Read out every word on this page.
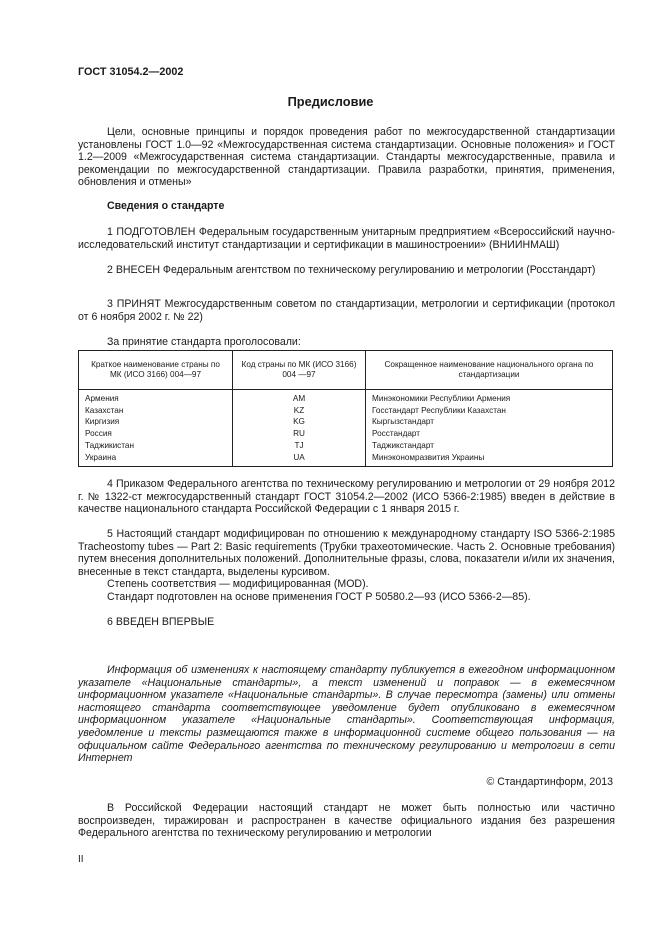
ГОСТ 31054.2—2002
Предисловие

Цели, основные принципы и порядок проведения работ по межгосударственной стандартизации установлены ГОСТ 1.0—92 «Межгосударственная система стандартизации. Основные положения» и ГОСТ 1.2—2009 «Межгосударственная система стандартизации. Стандарты межгосударственные, правила и рекомендации по межгосударственной стандартизации. Правила разработки, принятия, применения, обновления и отмены»

Сведения о стандарте

1 ПОДГОТОВЛЕН Федеральным государственным унитарным предприятием «Всероссийский научно-исследовательский институт стандартизации и сертификации в машиностроении» (ВНИИНМАШ)

2 ВНЕСЕН Федеральным агентством по техническому регулированию и метрологии (Росстандарт)

3 ПРИНЯТ Межгосударственным советом по стандартизации, метрологии и сертификации (протокол от 6 ноября 2002 г. № 22)

За принятие стандарта проголосовали:

Краткое наименование страны по МК (ИСО 3166) 004—97	Код страны по МК (ИСО 3166) 004 —97	Сокращенное наименование национального органа по стандартизации
Армения	AM	Минэкономики Республики Армения
Казахстан	KZ	Госстандарт Республики Казахстан
Киргизия	KG	Кыргызстандарт
Россия	RU	Росстандарт
Таджикистан	TJ	Таджикстандарт
Украина	UA	Минэкономразвития Украины

4 Приказом Федерального агентства по техническому регулированию и метрологии от 29 ноября 2012 г. № 1322-ст межгосударственный стандарт ГОСТ 31054.2—2002 (ИСО 5366-2:1985) введен в действие в качестве национального стандарта Российской Федерации с 1 января 2015 г.

5 Настоящий стандарт модифицирован по отношению к международному стандарту ISO 5366-2:1985 Tracheostomy tubes — Part 2: Basic requirements (Трубки трахеотомические. Часть 2. Основные требования) путем внесения дополнительных положений. Дополнительные фразы, слова, показатели и/или их значения, внесенные в текст стандарта, выделены курсивом.

Степень соответствия — модифицированная (MOD).

Стандарт подготовлен на основе применения ГОСТ Р 50580.2—93 (ИСО 5366-2—85).

6 ВВЕДЕН ВПЕРВЫЕ

Информация об изменениях к настоящему стандарту публикуется в ежегодном информационном указателе «Национальные стандарты», а текст изменений и поправок — в ежемесячном информационном указателе «Национальные стандарты». В случае пересмотра (замены) или отмены настоящего стандарта соответствующее уведомление будет опубликовано в ежемесячном информационном указателе «Национальные стандарты». Соответствующая информация, уведомление и тексты размещаются также в информационной системе общего пользования — на официальном сайте Федерального агентства по техническому регулированию и метрологии в сети Интернет

© Стандартинформ, 2013

В Российской Федерации настоящий стандарт не может быть полностью или частично воспроизведен, тиражирован и распространен в качестве официального издания без разрешения Федерального агентства по техническому регулированию и метрологии

II
